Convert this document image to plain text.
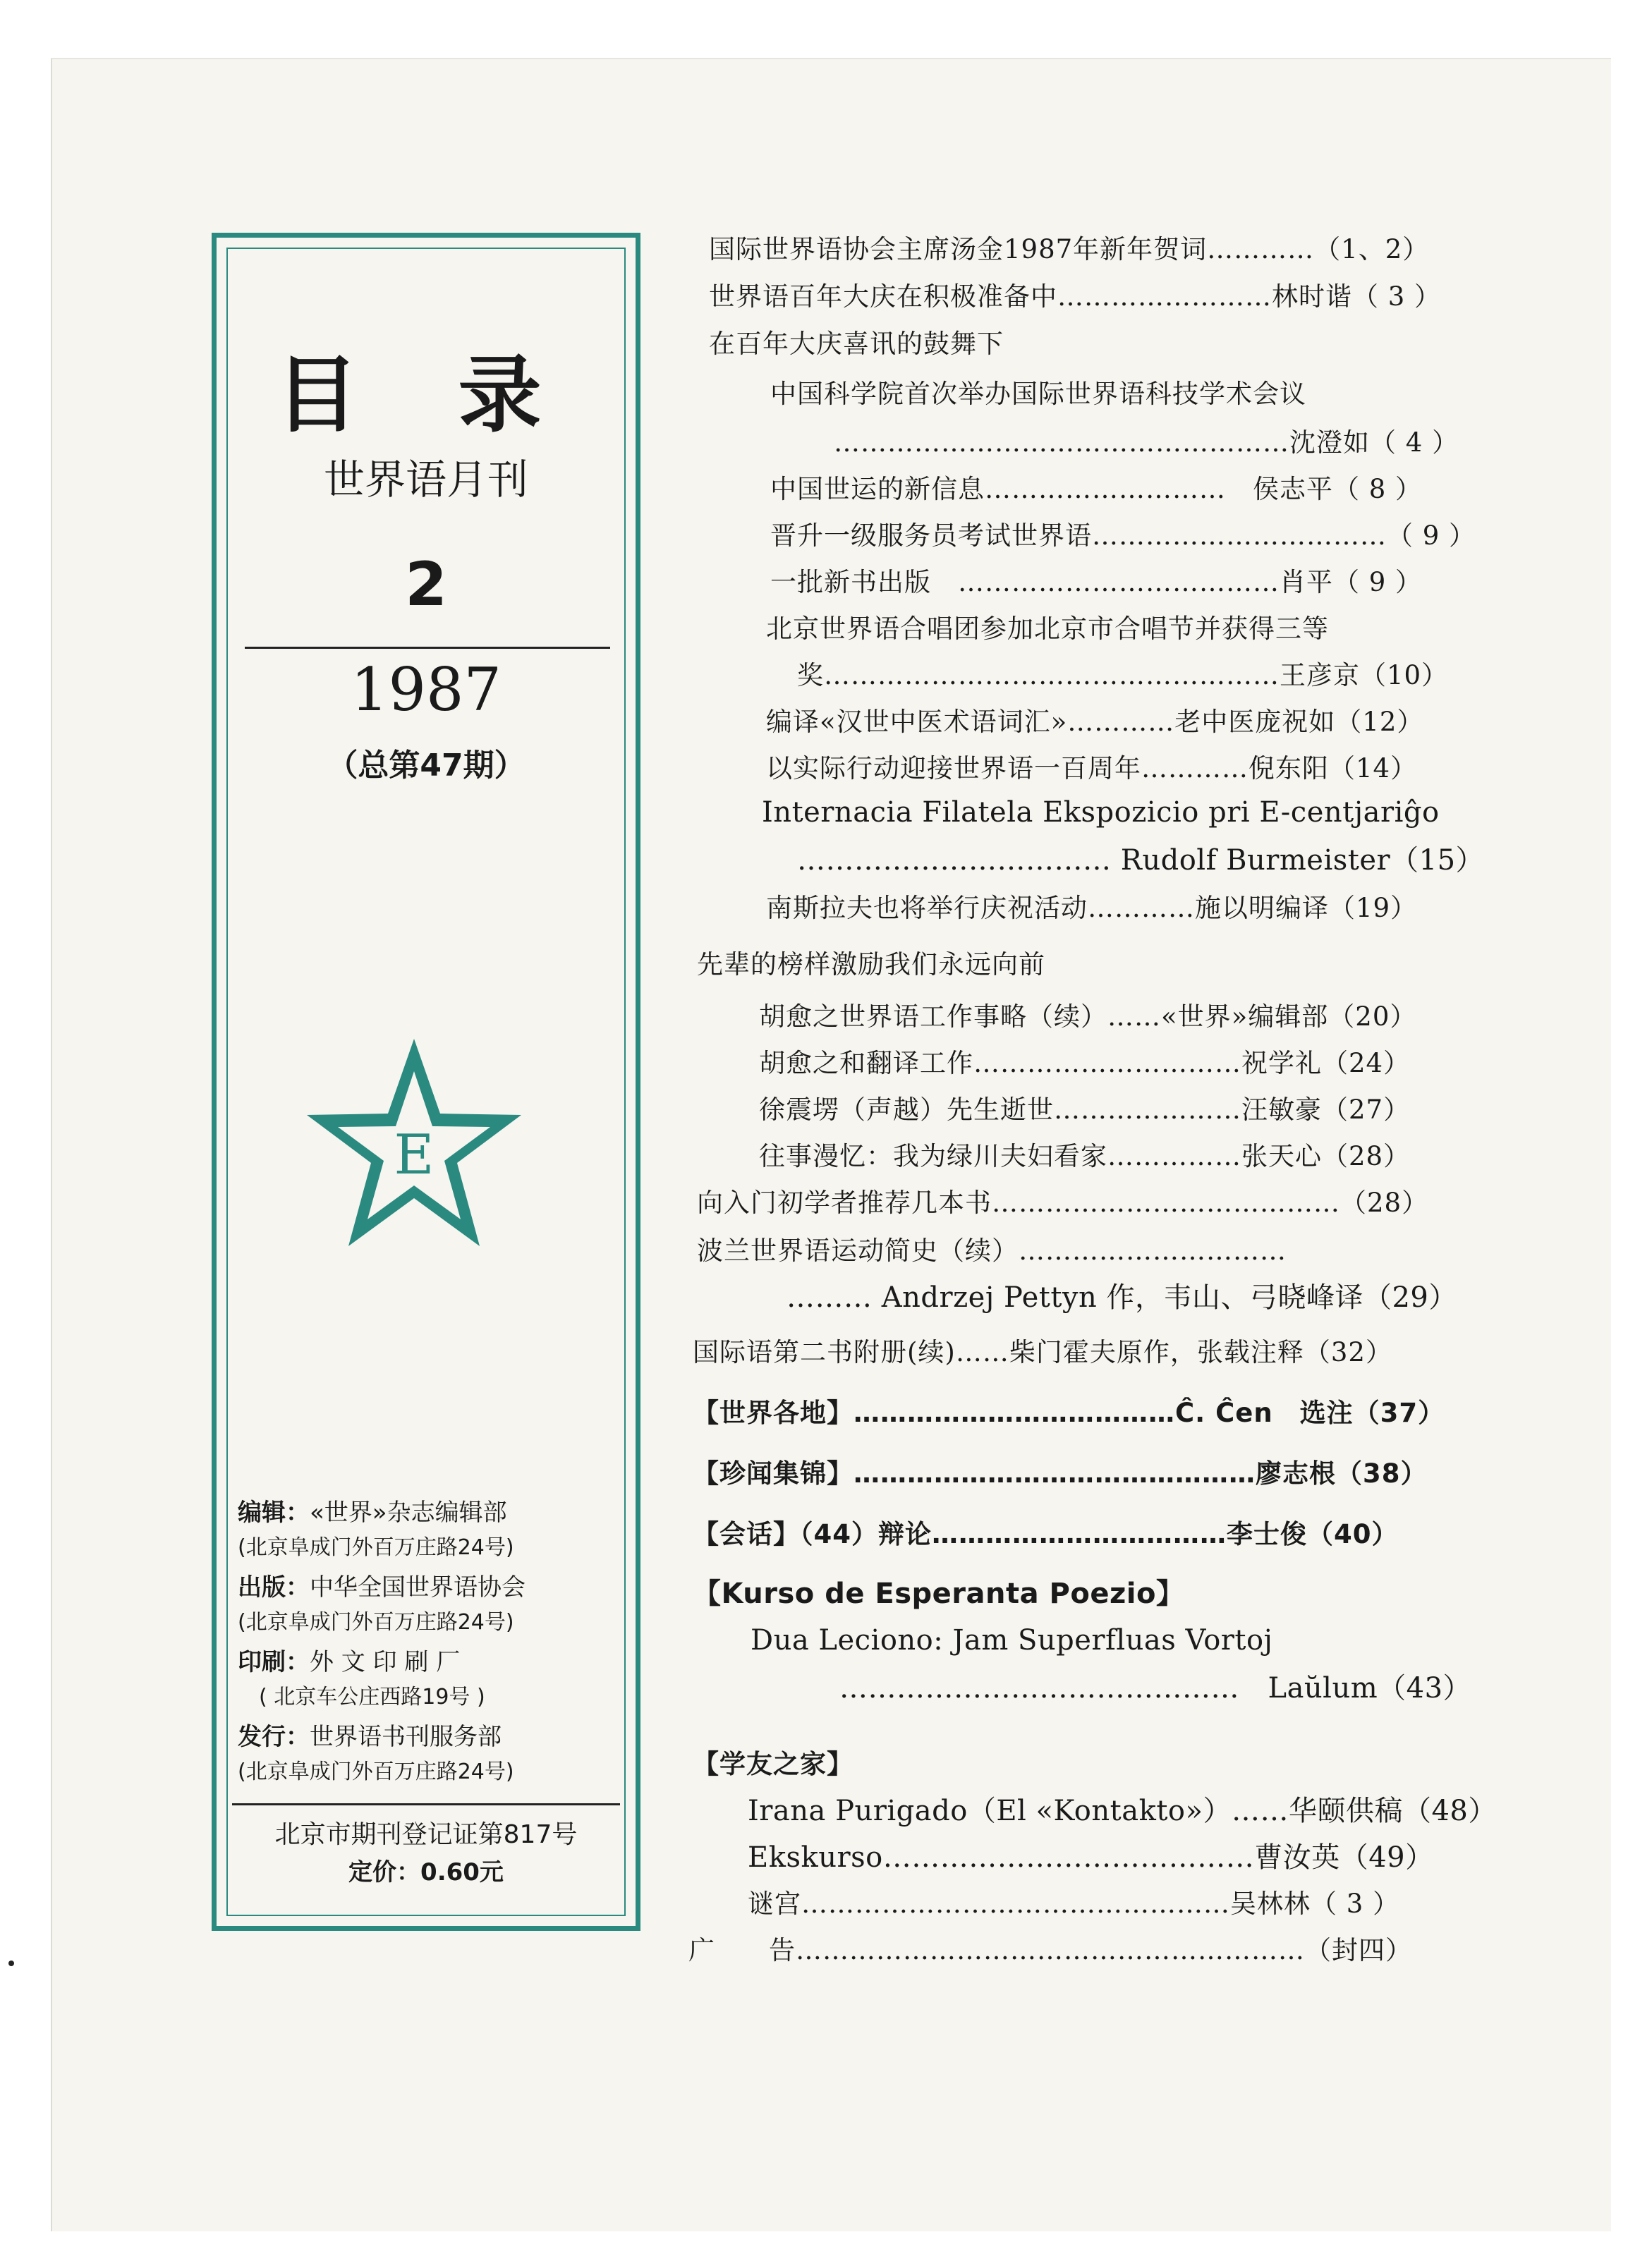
目 录
世界语月刊
2
1987
（总第47期）
E
编辑：«世界»杂志编辑部
(北京阜成门外百万庄路24号)
出版：中华全国世界语协会
(北京阜成门外百万庄路24号)
印刷：外 文 印 刷 厂
( 北京车公庄西路19号 )
发行：世界语书刊服务部
(北京阜成门外百万庄路24号)
北京市期刊登记证第817号
定价：0.60元
国际世界语协会主席汤金1987年新年贺词…………（1、2）
世界语百年大庆在积极准备中……………………林时谐（ 3 ）
在百年大庆喜讯的鼓舞下
中国科学院首次举办国际世界语科技学术会议
……………………………………………沈澄如（ 4 ）
中国世运的新信息………………………　侯志平（ 8 ）
晋升一级服务员考试世界语……………………………（ 9 ）
一批新书出版　………………………………肖平（ 9 ）
北京世界语合唱团参加北京市合唱节并获得三等
奖……………………………………………王彦京（10）
编译«汉世中医术语词汇»…………老中医庞祝如（12）
以实际行动迎接世界语一百周年…………倪东阳（14）
Internacia Filatela Ekspozicio pri E-centjariĝo
…………………………… Rudolf Burmeister（15）
南斯拉夫也将举行庆祝活动…………施以明编译（19）
先辈的榜样激励我们永远向前
胡愈之世界语工作事略（续）……«世界»编辑部（20）
胡愈之和翻译工作…………………………祝学礼（24）
徐震塄（声越）先生逝世…………………汪敏豪（27）
往事漫忆：我为绿川夫妇看家……………张天心（28）
向入门初学者推荐几本书…………………………………（28）
波兰世界语运动简史（续）…………………………
……… Andrzej Pettyn 作，韦山、弓晓峰译（29）
国际语第二书附册(续)……柴门霍夫原作，张载注释（32）
【世界各地】………………………………Ĉ. Ĉen　选注（37）
【珍闻集锦】………………………………………廖志根（38）
【会话】（44）辩论……………………………李士俊（40）
【Kurso de Esperanta Poezio】
Dua Leciono: Jam Superfluas Vortoj
……………………………………　Laŭlum（43）
【学友之家】
Irana Purigado（El «Kontakto»）……华颐供稿（48）
Ekskurso…………………………………曹汝英（49）
谜宫…………………………………………吴林林（ 3 ）
广　　告…………………………………………………（封四）
